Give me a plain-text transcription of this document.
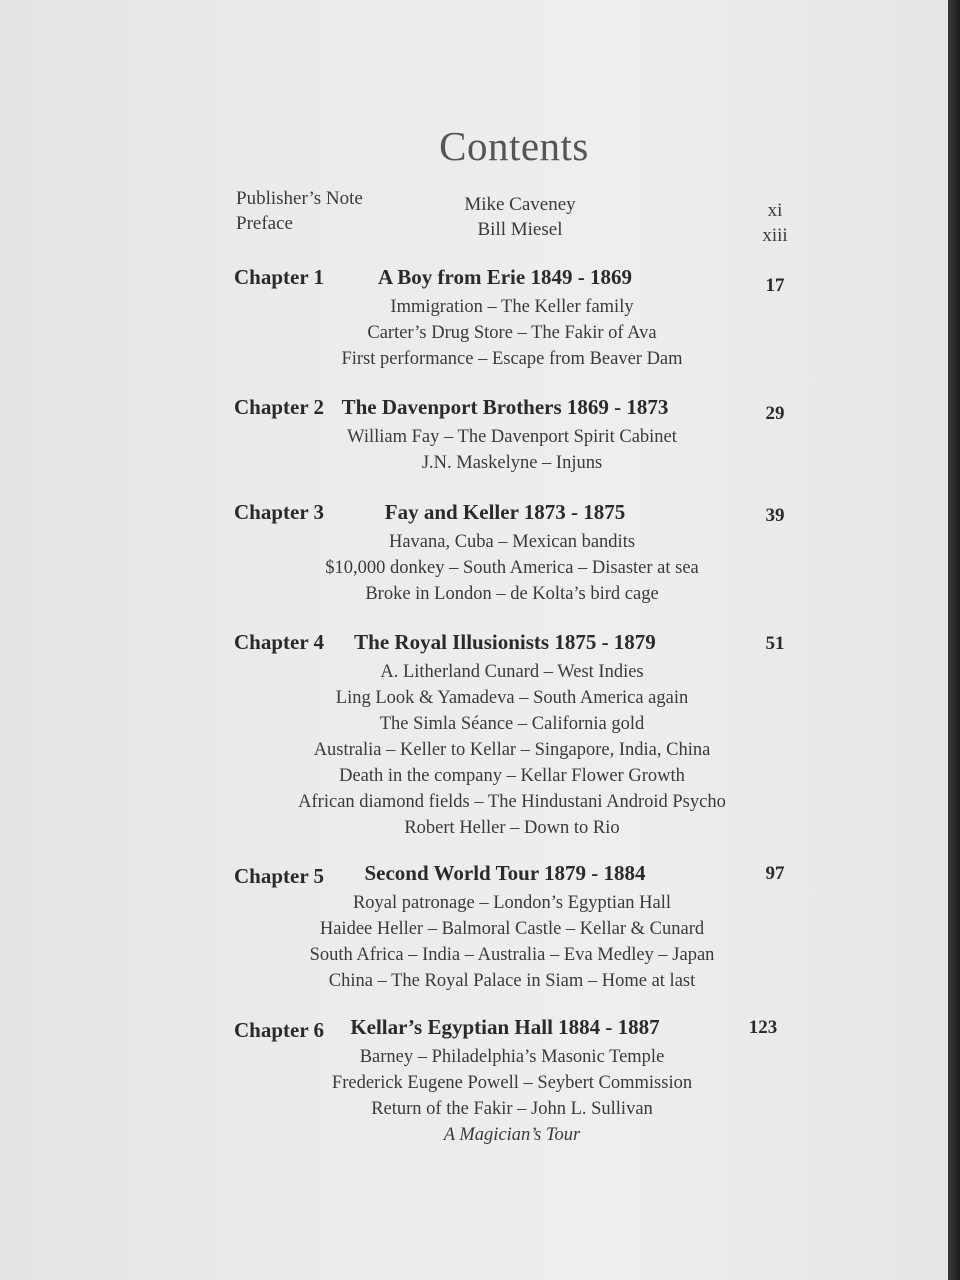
Contents
Publisher’s Note	Mike Caveney	xi
Preface	Bill Miesel	xiii
Chapter 1	A Boy from Erie 1849 - 1869	17
Immigration – The Keller family
Carter’s Drug Store – The Fakir of Ava
First performance – Escape from Beaver Dam
Chapter 2 The Davenport Brothers 1869 - 1873	29
William Fay – The Davenport Spirit Cabinet
J.N. Maskelyne – Injuns
Chapter 3	Fay and Keller 1873 - 1875	39
Havana, Cuba – Mexican bandits
$10,000 donkey – South America – Disaster at sea
Broke in London – de Kolta’s bird cage
Chapter 4 The Royal Illusionists 1875 - 1879	51
A. Litherland Cunard – West Indies
Ling Look & Yamadeva – South America again
The Simla Séance – California gold
Australia – Keller to Kellar – Singapore, India, China
Death in the company – Kellar Flower Growth
African diamond fields – The Hindustani Android Psycho
Robert Heller – Down to Rio
Chapter 5 Second World Tour 1879 - 1884	97
Royal patronage – London’s Egyptian Hall
Haidee Heller – Balmoral Castle – Kellar & Cunard
South Africa – India – Australia – Eva Medley – Japan
China – The Royal Palace in Siam – Home at last
Chapter 6 Kellar’s Egyptian Hall 1884 - 1887	123
Barney – Philadelphia’s Masonic Temple
Frederick Eugene Powell – Seybert Commission
Return of the Fakir – John L. Sullivan
A Magician’s Tour
